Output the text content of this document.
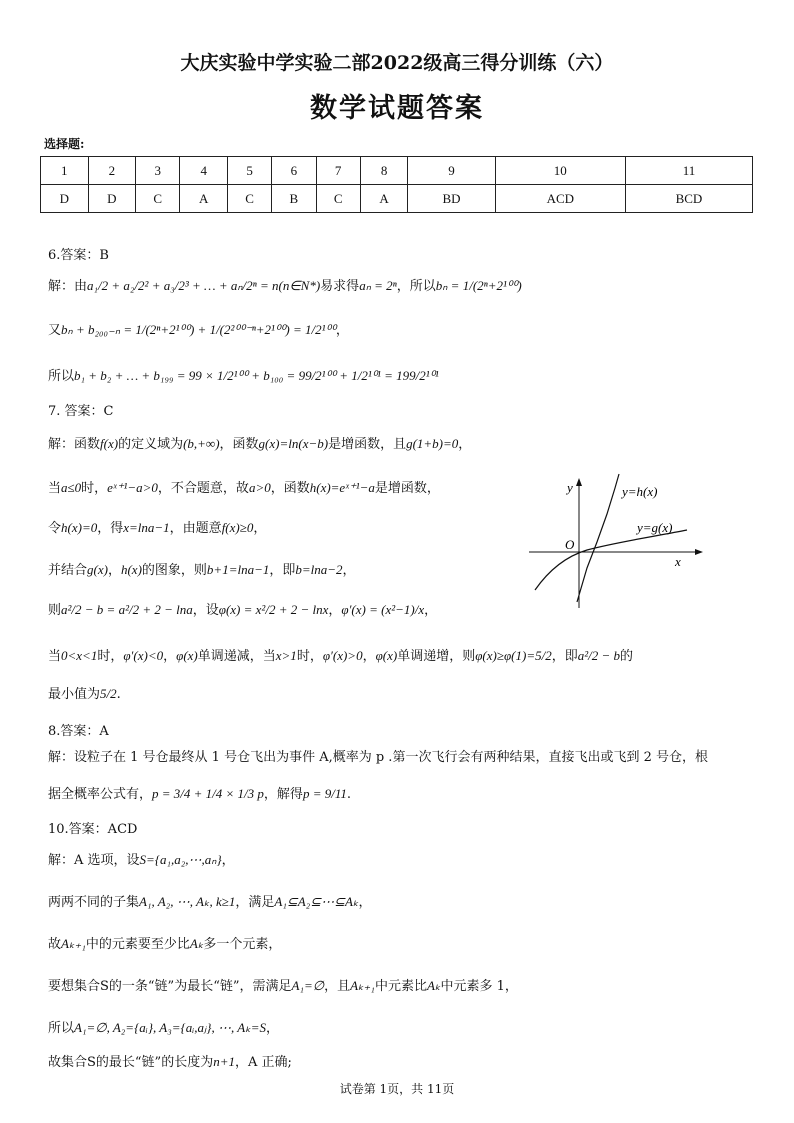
大庆实验中学实验二部2022级高三得分训练（六）
数学试题答案
选择题:
1	2	3	4	5	6	7	8	9	10	11
D	D	C	A	C	B	C	A	BD	ACD	BCD
6.答案：B
解：由a₁/2 + a₂/2² + a₃/2³ + … + aₙ/2ⁿ = n(n∈N*)易求得aₙ = 2ⁿ，所以bₙ = 1/(2ⁿ+2¹⁰⁰)
又bₙ + b₂₀₀₋ₙ = 1/(2ⁿ+2¹⁰⁰) + 1/(2²⁰⁰⁻ⁿ+2¹⁰⁰) = 1/2¹⁰⁰，
所以b₁ + b₂ + … + b₁₉₉ = 99 × 1/2¹⁰⁰ + b₁₀₀ = 99/2¹⁰⁰ + 1/2¹⁰¹ = 199/2¹⁰¹
7. 答案：C
解：函数f(x)的定义域为(b,+∞)，函数g(x)=ln(x−b)是增函数，且g(1+b)=0，
当a≤0时，eˣ⁺¹−a>0，不合题意，故a>0，函数h(x)=eˣ⁺¹−a是增函数，
令h(x)=0，得x=lna−1，由题意f(x)≥0，
并结合g(x)，h(x)的图象，则b+1=lna−1，即b=lna−2，
则a²/2 − b = a²/2 + 2 − lna，设φ(x) = x²/2 + 2 − lnx，φ′(x) = (x²−1)/x，
当0<x<1时，φ′(x)<0，φ(x)单调递减，当x>1时，φ′(x)>0，φ(x)单调递增，则φ(x)≥φ(1)=5/2，即a²/2 − b的
最小值为5/2.
y
x
O
y=h(x)
y=g(x)
8.答案：A
解：设粒子在 1 号仓最终从 1 号仓飞出为事件 A,概率为 p .第一次飞行会有两种结果，直接飞出或飞到 2 号仓，根
据全概率公式有，p = 3/4 + 1/4 × 1/3 p，解得p = 9/11.
10.答案：ACD
解：A 选项，设S={a₁,a₂,⋯,aₙ}，
两两不同的子集A₁, A₂, ⋯, Aₖ, k≥1，满足A₁⊆A₂⊆⋯⊆Aₖ，
故Aₖ₊₁中的元素要至少比Aₖ多一个元素，
要想集合S的一条“链”为最长“链”，需满足A₁=∅，且Aₖ₊₁中元素比Aₖ中元素多 1，
所以A₁=∅, A₂={aᵢ}, A₃={aᵢ,aⱼ}, ⋯, Aₖ=S，
故集合S的最长“链”的长度为n+1，A 正确;
试卷第 1页，共 11页
